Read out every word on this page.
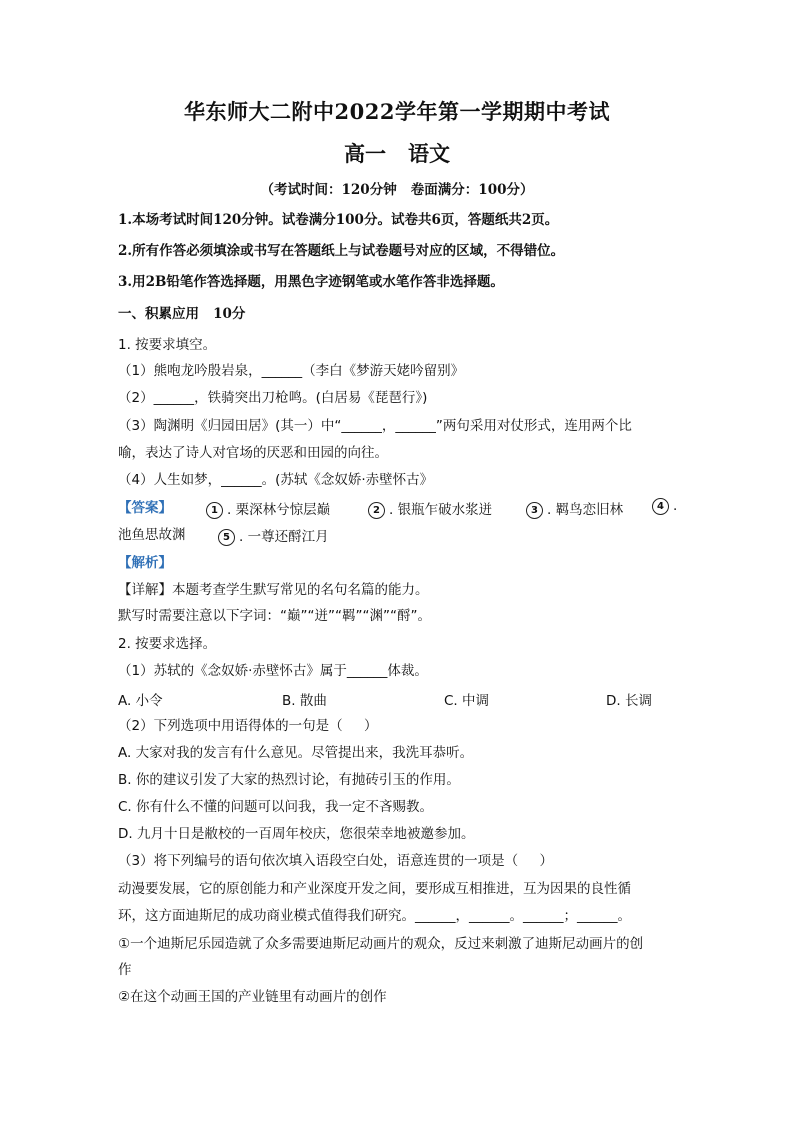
华东师大二附中2022学年第一学期期中考试
高一   语文
（考试时间：120分钟   卷面满分：100分）
1.本场考试时间120分钟。试卷满分100分。试卷共6页，答题纸共2页。
2.所有作答必须填涂或书写在答题纸上与试卷题号对应的区域，不得错位。
3.用2B铅笔作答选择题，用黑色字迹钢笔或水笔作答非选择题。
一、积累应用   10分
1. 按要求填空。
（1）熊咆龙吟殷岩泉，______（李白《梦游天姥吟留别》
（2）______，铁骑突出刀枪鸣。(白居易《琵琶行》)
（3）陶渊明《归园田居》(其一）中“______，______”两句采用对仗形式，连用两个比
喻，表达了诗人对官场的厌恶和田园的向往。
（4）人生如梦，______。(苏轼《念奴娇·赤壁怀古》
【答案】	1 . 栗深林兮惊层巅	2 . 银瓶乍破水浆迸	3 . 羁鸟恋旧林	4 .
池鱼思故渊	5 . 一尊还酹江月
【解析】
【详解】本题考查学生默写常见的名句名篇的能力。
默写时需要注意以下字词：“巅”“迸”“羁”“渊”“酹”。
2. 按要求选择。
（1）苏轼的《念奴娇·赤壁怀古》属于______体裁。
A. 小令	B. 散曲	C. 中调	D. 长调
（2）下列选项中用语得体的一句是（     ）
A. 大家对我的发言有什么意见。尽管提出来，我洗耳恭听。
B. 你的建议引发了大家的热烈讨论，有抛砖引玉的作用。
C. 你有什么不懂的问题可以问我，我一定不吝赐教。
D. 九月十日是敝校的一百周年校庆，您很荣幸地被邀参加。
（3）将下列编号的语句依次填入语段空白处，语意连贯的一项是（     ）
动漫要发展，它的原创能力和产业深度开发之间，要形成互相推进，互为因果的良性循
环，这方面迪斯尼的成功商业模式值得我们研究。______，______。______；______。
①一个迪斯尼乐园造就了众多需要迪斯尼动画片的观众，反过来刺激了迪斯尼动画片的创
作
②在这个动画王国的产业链里有动画片的创作
